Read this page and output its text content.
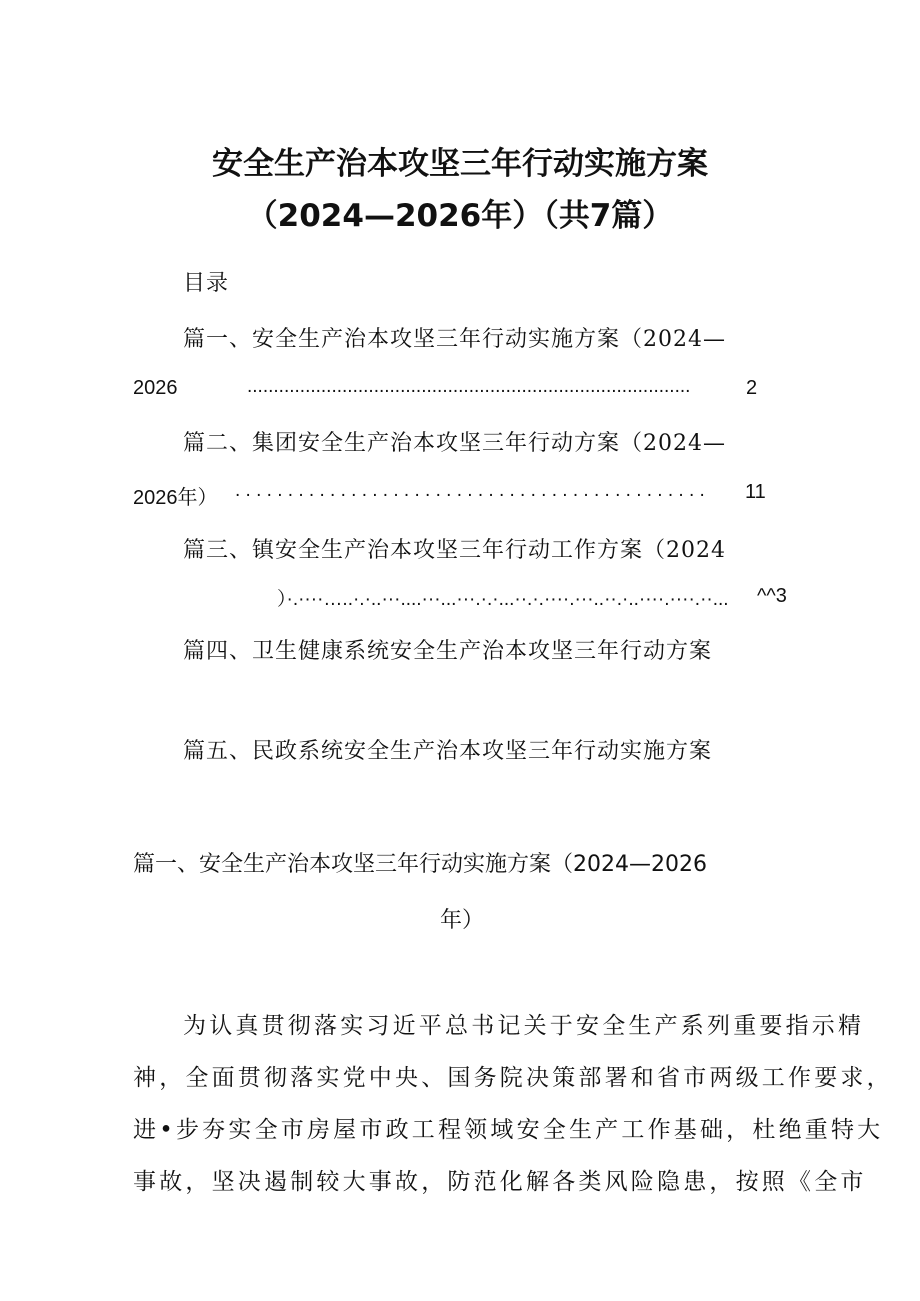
安全生产治本攻坚三年行动实施方案
（2024—2026年）（共7篇）
目录
篇一、安全生产治本攻坚三年行动实施方案（2024—
2026	....................................................................................	2
篇二、集团安全生产治本攻坚三年行动方案（2024—
2026年） . . . . . . . . . . . . . . . . . . . . . . . . . . . . . . . . . . . . . . . . . . . . .	11
篇三、镇安全生产治本攻坚三年行动工作方案（2024
）·.····…..·.·..···....···...···.·.·...··.·.····.···..··.·..····.····.··...	^^3
篇四、卫生健康系统安全生产治本攻坚三年行动方案
篇五、民政系统安全生产治本攻坚三年行动实施方案
篇一、安全生产治本攻坚三年行动实施方案（2024—2026
年）
为认真贯彻落实习近平总书记关于安全生产系列重要指示精
神，全面贯彻落实党中央、国务院决策部署和省市两级工作要求，
进•步夯实全市房屋市政工程领域安全生产工作基础，杜绝重特大
事故，坚决遏制较大事故，防范化解各类风险隐患，按照《全市
